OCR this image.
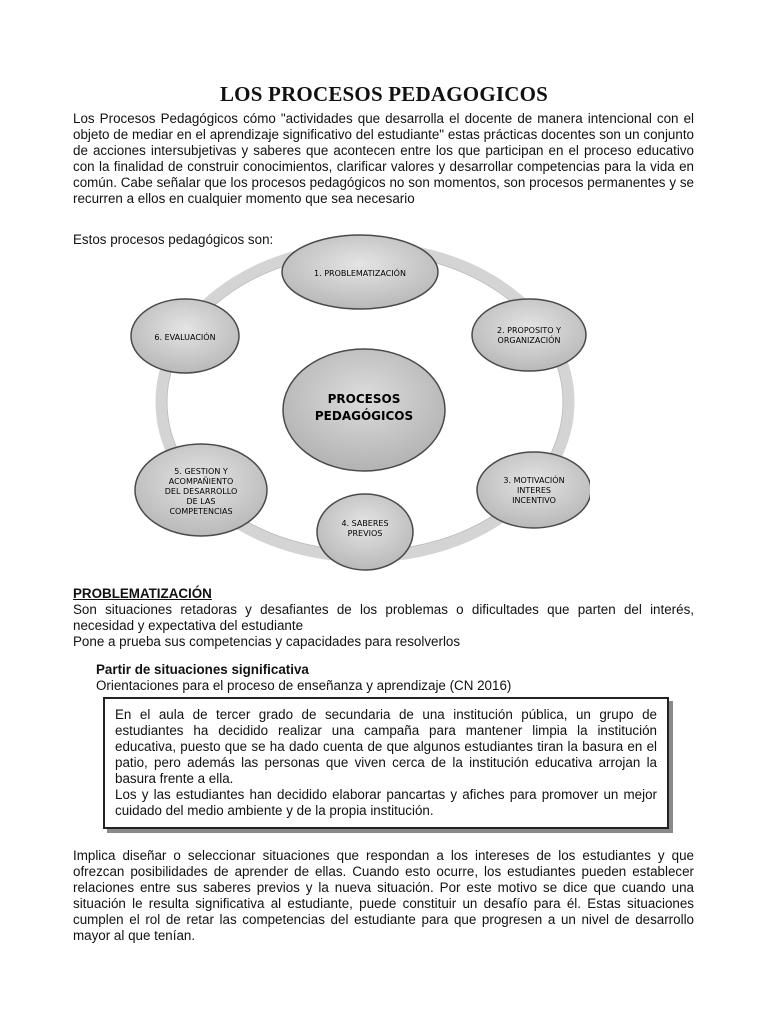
LOS PROCESOS PEDAGOGICOS

Los Procesos Pedagógicos cómo "actividades que desarrolla el docente de manera intencional con el objeto de mediar en el aprendizaje significativo del estudiante" estas prácticas docentes son un conjunto de acciones intersubjetivas y saberes que acontecen entre los que participan en el proceso educativo con la finalidad de construir conocimientos, clarificar valores y desarrollar competencias para la vida en común. Cabe señalar que los procesos pedagógicos no son momentos, son procesos permanentes y se recurren a ellos en cualquier momento que sea necesario

Estos procesos pedagógicos son:

PROCESOS
PEDAGÓGICOS
1. PROBLEMATIZACIÓN
2. PROPOSITO Y
ORGANIZACIÓN
3. MOTIVACIÓN
INTERES
INCENTIVO
4. SABERES
PREVIOS
5. GESTION Y
ACOMPAÑIENTO
DEL DESARROLLO
DE LAS
COMPETENCIAS
6. EVALUACIÓN
PROBLEMATIZACIÓN

Son situaciones retadoras y desafiantes de los problemas o dificultades que parten del interés, necesidad y expectativa del estudiante
Pone a prueba sus competencias y capacidades para resolverlos

Partir de situaciones significativa

Orientaciones para el proceso de enseñanza y aprendizaje (CN 2016)

En el aula de tercer grado de secundaria de una institución pública, un grupo de estudiantes ha decidido realizar una campaña para mantener limpia la institución educativa, puesto que se ha dado cuenta de que algunos estudiantes tiran la basura en el patio, pero además las personas que viven cerca de la institución educativa arrojan la basura frente a ella.

Los y las estudiantes han decidido elaborar pancartas y afiches para promover un mejor cuidado del medio ambiente y de la propia institución.

Implica diseñar o seleccionar situaciones que respondan a los intereses de los estudiantes y que ofrezcan posibilidades de aprender de ellas. Cuando esto ocurre, los estudiantes pueden establecer relaciones entre sus saberes previos y la nueva situación. Por este motivo se dice que cuando una situación le resulta significativa al estudiante, puede constituir un desafío para él. Estas situaciones cumplen el rol de retar las competencias del estudiante para que progresen a un nivel de desarrollo mayor al que tenían.
